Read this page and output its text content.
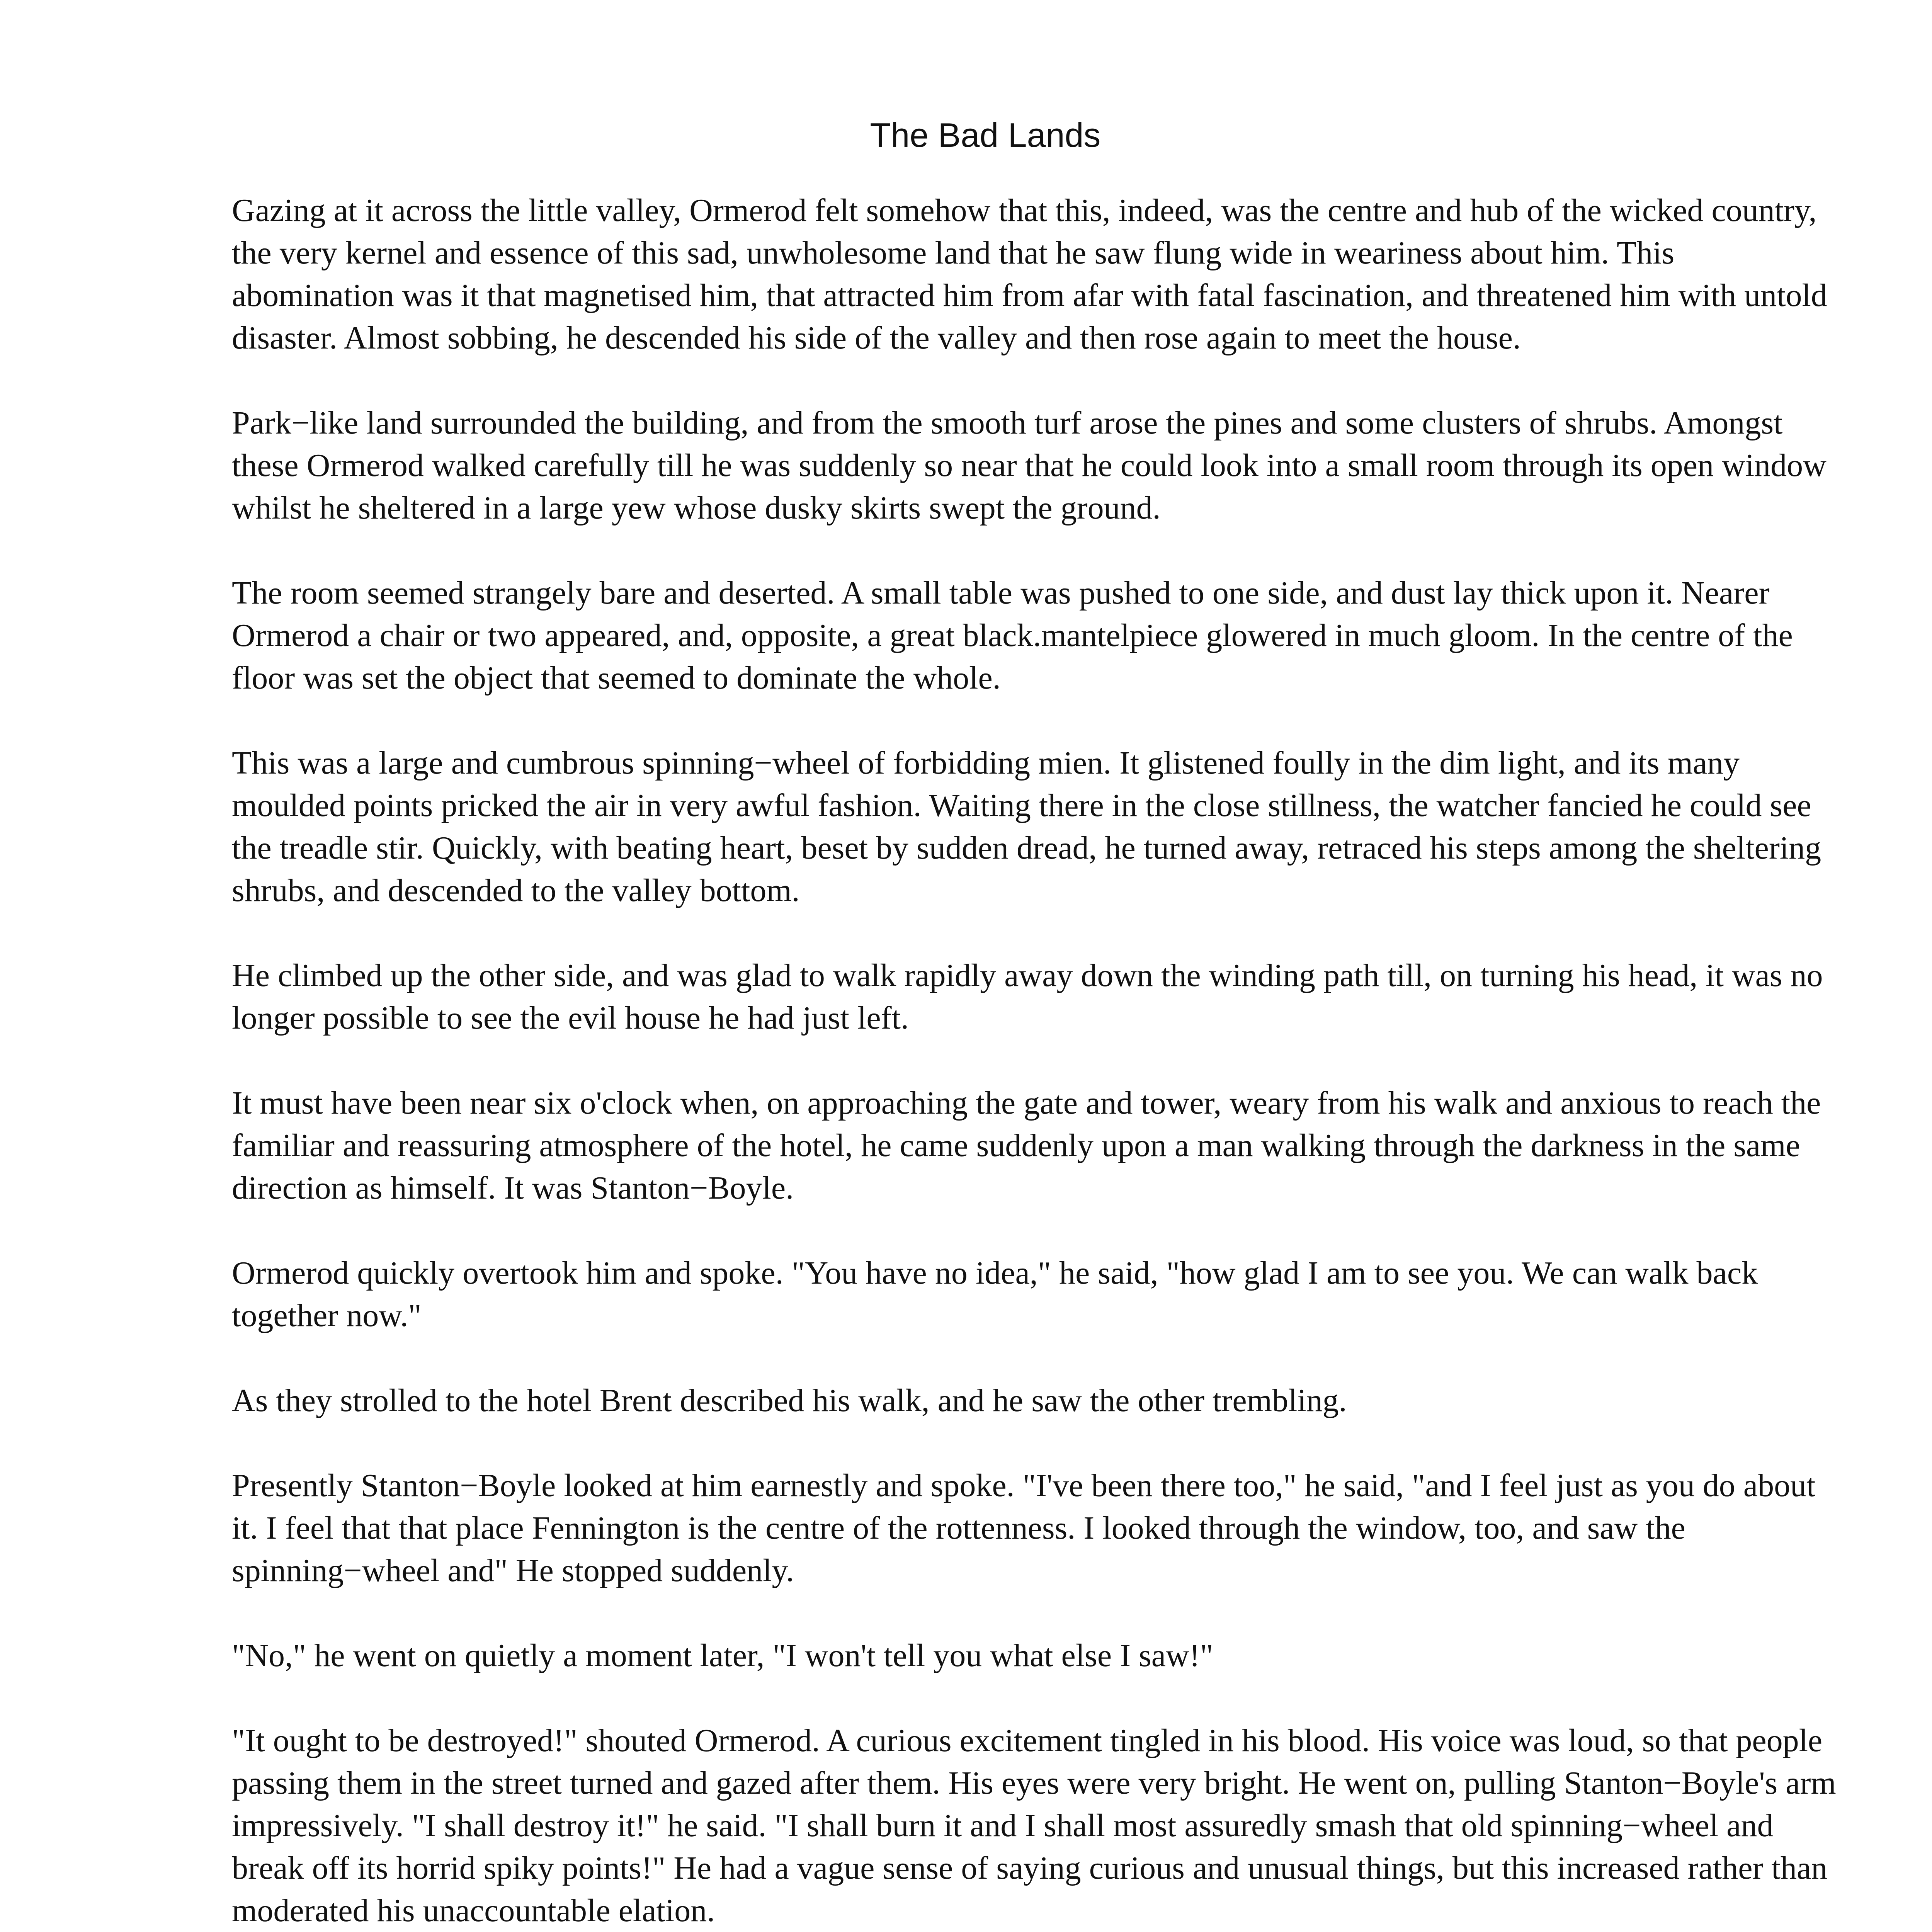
The Bad Lands

Gazing at it across the little valley, Ormerod felt somehow that this, indeed, was the centre and hub of the wicked country, the very kernel and essence of this sad, unwholesome land that he saw flung wide in weariness about him. This abomination was it that magnetised him, that attracted him from afar with fatal fascination, and threatened him with untold disaster. Almost sobbing, he descended his side of the valley and then rose again to meet the house.

Park−like land surrounded the building, and from the smooth turf arose the pines and some clusters of shrubs. Amongst these Ormerod walked carefully till he was suddenly so near that he could look into a small room through its open window whilst he sheltered in a large yew whose dusky skirts swept the ground.

The room seemed strangely bare and deserted. A small table was pushed to one side, and dust lay thick upon it. Nearer Ormerod a chair or two appeared, and, opposite, a great black.mantelpiece glowered in much gloom. In the centre of the floor was set the object that seemed to dominate the whole.

This was a large and cumbrous spinning−wheel of forbidding mien. It glistened foully in the dim light, and its many moulded points pricked the air in very awful fashion. Waiting there in the close stillness, the watcher fancied he could see the treadle stir. Quickly, with beating heart, beset by sudden dread, he turned away, retraced his steps among the sheltering shrubs, and descended to the valley bottom.

He climbed up the other side, and was glad to walk rapidly away down the winding path till, on turning his head, it was no longer possible to see the evil house he had just left.

It must have been near six o'clock when, on approaching the gate and tower, weary from his walk and anxious to reach the familiar and reassuring atmosphere of the hotel, he came suddenly upon a man walking through the darkness in the same direction as himself. It was Stanton−Boyle.

Ormerod quickly overtook him and spoke. "You have no idea," he said, "how glad I am to see you. We can walk back together now."

As they strolled to the hotel Brent described his walk, and he saw the other trembling.

Presently Stanton−Boyle looked at him earnestly and spoke. "I've been there too," he said, "and I feel just as you do about it. I feel that that place Fennington is the centre of the rottenness. I looked through the window, too, and saw the spinning−wheel and" He stopped suddenly.

"No," he went on quietly a moment later, "I won't tell you what else I saw!"

"It ought to be destroyed!" shouted Ormerod. A curious excitement tingled in his blood. His voice was loud, so that people passing them in the street turned and gazed after them. His eyes were very bright. He went on, pulling Stanton−Boyle's arm impressively. "I shall destroy it!" he said. "I shall burn it and I shall most assuredly smash that old spinning−wheel and break off its horrid spiky points!" He had a vague sense of saying curious and unusual things, but this increased rather than moderated his unaccountable elation.
